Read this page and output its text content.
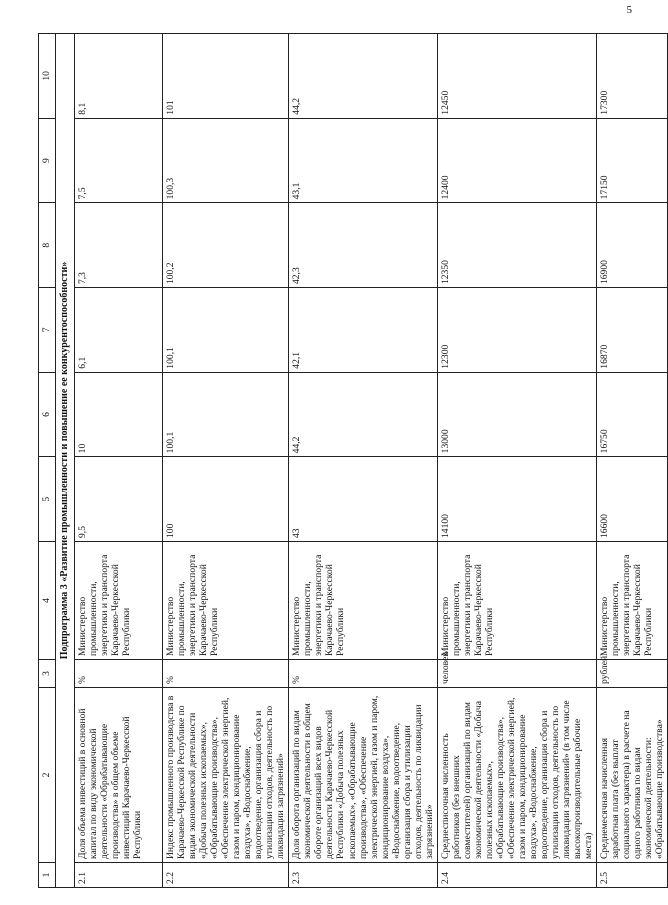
5
1	2	3	4	5	6	7	8	9	10
Подпрограмма 3 «Развитие промышленности и повышение ее конкурентоспособности»									
2.1	Доля объема инвестиций в основной капитал по виду экономической деятельности «Обрабатывающие производства» в общем объеме инвестиций Карачаево-Черкесской Республики	%	Министерство промышленности, энергетики и транспорта Карачаево-Черкесской Республики	9,5	10	6,1	7,3	7,5	8,1
2.2	Индекс промышленного производства в Карачаево-Черкесской Республике по видам экономической деятельности «Добыча полезных ископаемых», «Обрабатывающие производства», «Обеспечение электрической энергией, газом и паром, кондиционирование воздуха», «Водоснабжение, водоотведение, организация сбора и утилизации отходов, деятельность по ликвидации загрязнений»	%	Министерство промышленности, энергетики и транспорта Карачаево-Черкесской Республики	100	100,1	100,1	100,2	100,3	101
2.3	Доля оборота организаций по видам экономической деятельности в общем обороте организаций всех видов деятельности Карачаево-Черкесской Республики «Добыча полезных ископаемых», «Обрабатывающие производства», «Обеспечение электрической энергией, газом и паром, кондиционирование воздуха», «Водоснабжение, водоотведение, организация сбора и утилизации отходов, деятельность по ликвидации загрязнений»	%	Министерство промышленности, энергетики и транспорта Карачаево-Черкесской Республики	43	44,2	42,1	42,3	43,1	44,2
2.4	Среднесписочная численность работников (без внешних совместителей) организаций по видам экономической деятельности «Добыча полезных ископаемых», «Обрабатывающие производства», «Обеспечение электрической энергией, газом и паром, кондиционирование воздуха», «Водоснабжение, водоотведение, организация сбора и утилизации отходов, деятельность по ликвидации загрязнений» (в том числе высокопроизводительные рабочие места)	человек	Министерство промышленности, энергетики и транспорта Карачаево-Черкесской Республики	14100	13000	12300	12350	12400	12450
2.5	Среднемесячная начисленная заработная плата (без выплат социального характера) в расчете на одного работника по видам экономической деятельности: «Обрабатывающие производства»	рублей	Министерство промышленности, энергетики и транспорта Карачаево-Черкесской Республики	16600	16750	16870	16900	17150	17300
